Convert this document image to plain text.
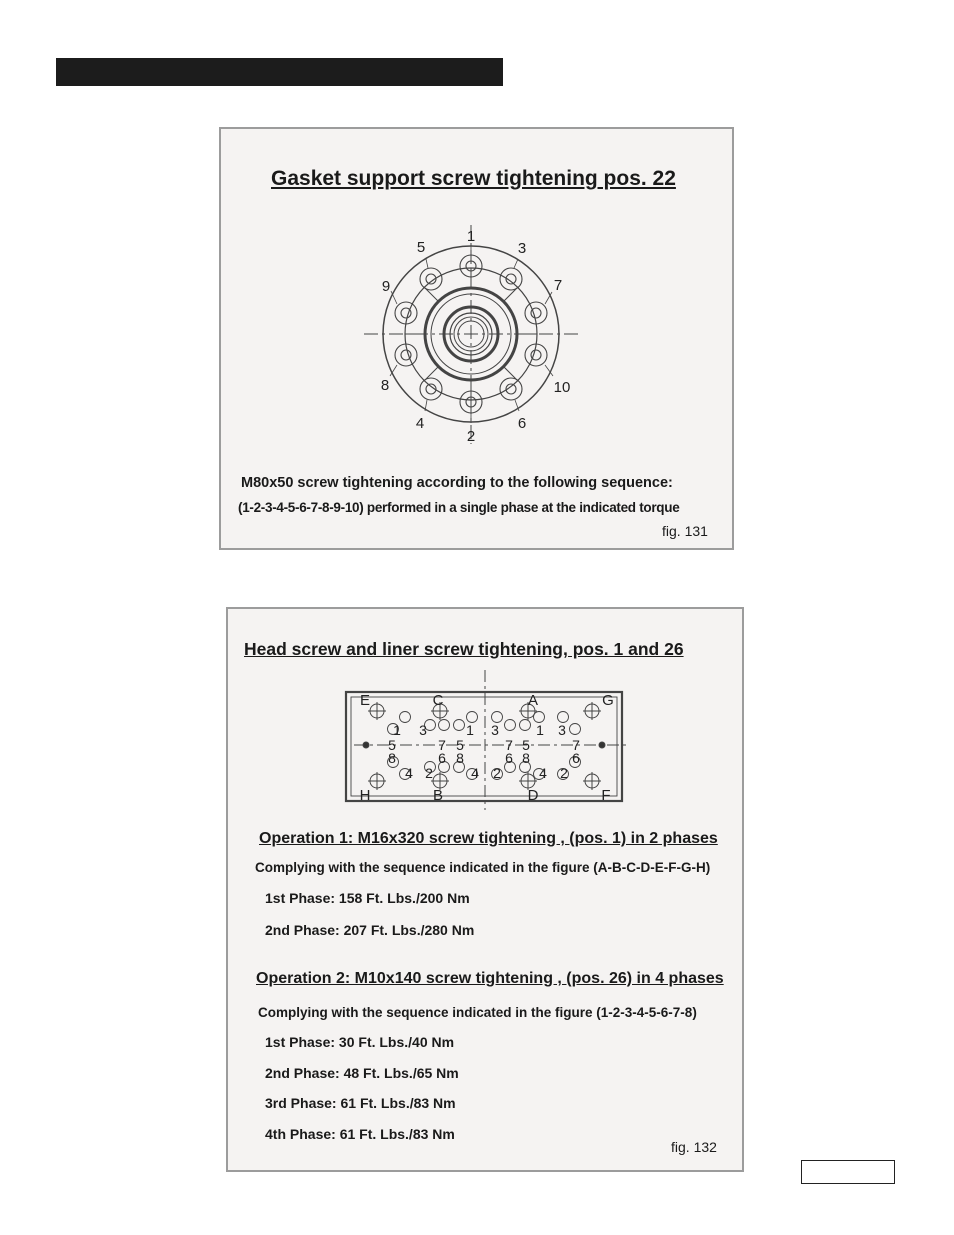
Gasket support screw tightening pos. 22
1
3
7
10
6
2
4
8
9
5
M80x50 screw tightening according to the following sequence:
(1-2-3-4-5-6-7-8-9-10) performed in a single phase at the indicated torque
fig. 131
Head screw and liner screw tightening, pos. 1 and 26
E	C	A	G
H	B	D	F
1 3	1 3	1 3
5	7 5	7 5	7
8	6 8	6 8	6
4 2	4 2	4 2
Operation 1: M16x320 screw tightening , (pos. 1) in 2 phases
Complying with the sequence indicated in the figure (A-B-C-D-E-F-G-H)
1st Phase: 158 Ft. Lbs./200 Nm
2nd Phase: 207 Ft. Lbs./280 Nm
Operation 2: M10x140 screw tightening , (pos. 26) in 4 phases
Complying with the sequence indicated in the figure (1-2-3-4-5-6-7-8)
1st Phase: 30 Ft. Lbs./40 Nm
2nd Phase: 48 Ft. Lbs./65 Nm
3rd Phase: 61 Ft. Lbs./83 Nm
4th Phase: 61 Ft. Lbs./83 Nm
fig. 132
